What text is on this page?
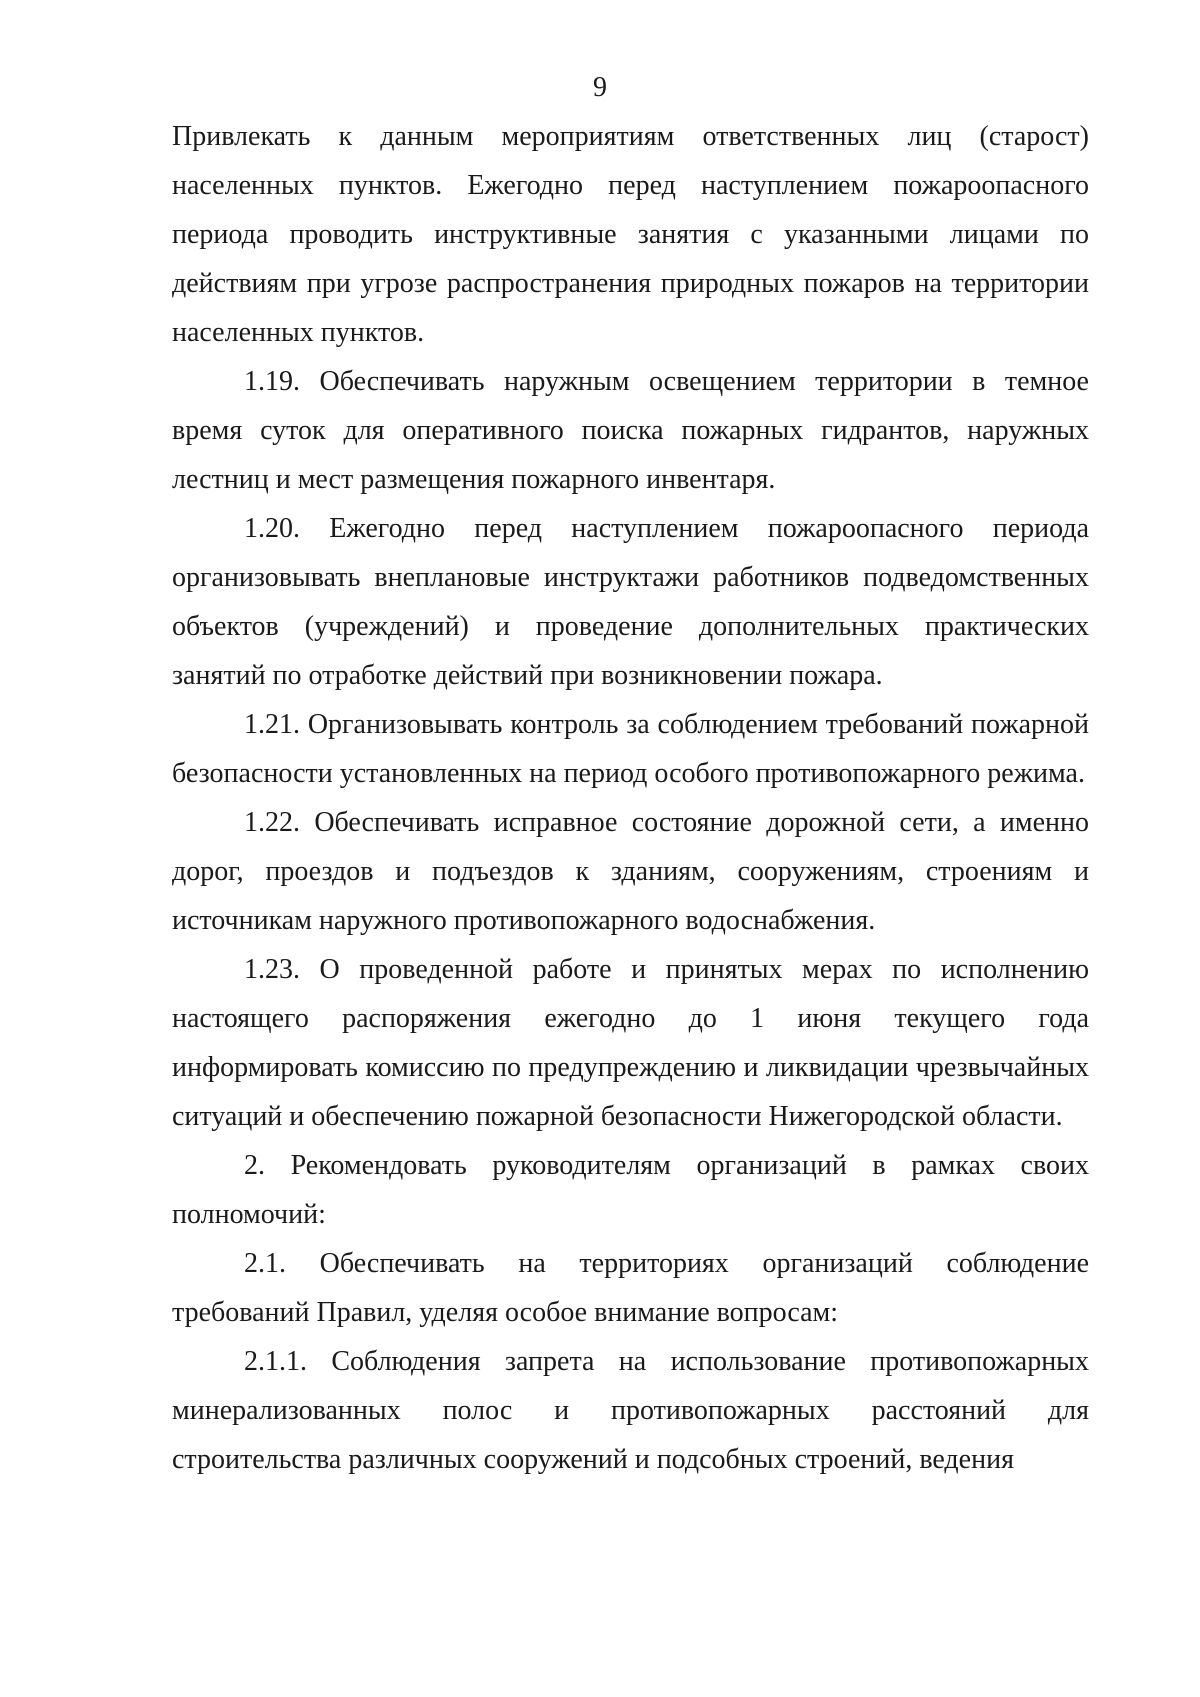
9

Привлекать к данным мероприятиям ответственных лиц (старост) населенных пунктов. Ежегодно перед наступлением пожароопасного периода проводить инструктивные занятия с указанными лицами по действиям при угрозе распространения природных пожаров на территории населенных пунктов.

1.19. Обеспечивать наружным освещением территории в темное время суток для оперативного поиска пожарных гидрантов, наружных лестниц и мест размещения пожарного инвентаря.

1.20. Ежегодно перед наступлением пожароопасного периода организовывать внеплановые инструктажи работников подведомственных объектов (учреждений) и проведение дополнительных практических занятий по отработке действий при возникновении пожара.

1.21. Организовывать контроль за соблюдением требований пожарной безопасности установленных на период особого противопожарного режима.

1.22. Обеспечивать исправное состояние дорожной сети, а именно дорог, проездов и подъездов к зданиям, сооружениям, строениям и источникам наружного противопожарного водоснабжения.

1.23. О проведенной работе и принятых мерах по исполнению настоящего распоряжения ежегодно до 1 июня текущего года информировать комиссию по предупреждению и ликвидации чрезвычайных ситуаций и обеспечению пожарной безопасности Нижегородской области.

2. Рекомендовать руководителям организаций в рамках своих полномочий:

2.1. Обеспечивать на территориях организаций соблюдение требований Правил, уделяя особое внимание вопросам:

2.1.1. Соблюдения запрета на использование противопожарных минерализованных полос и противопожарных расстояний для строительства различных сооружений и подсобных строений, ведения
